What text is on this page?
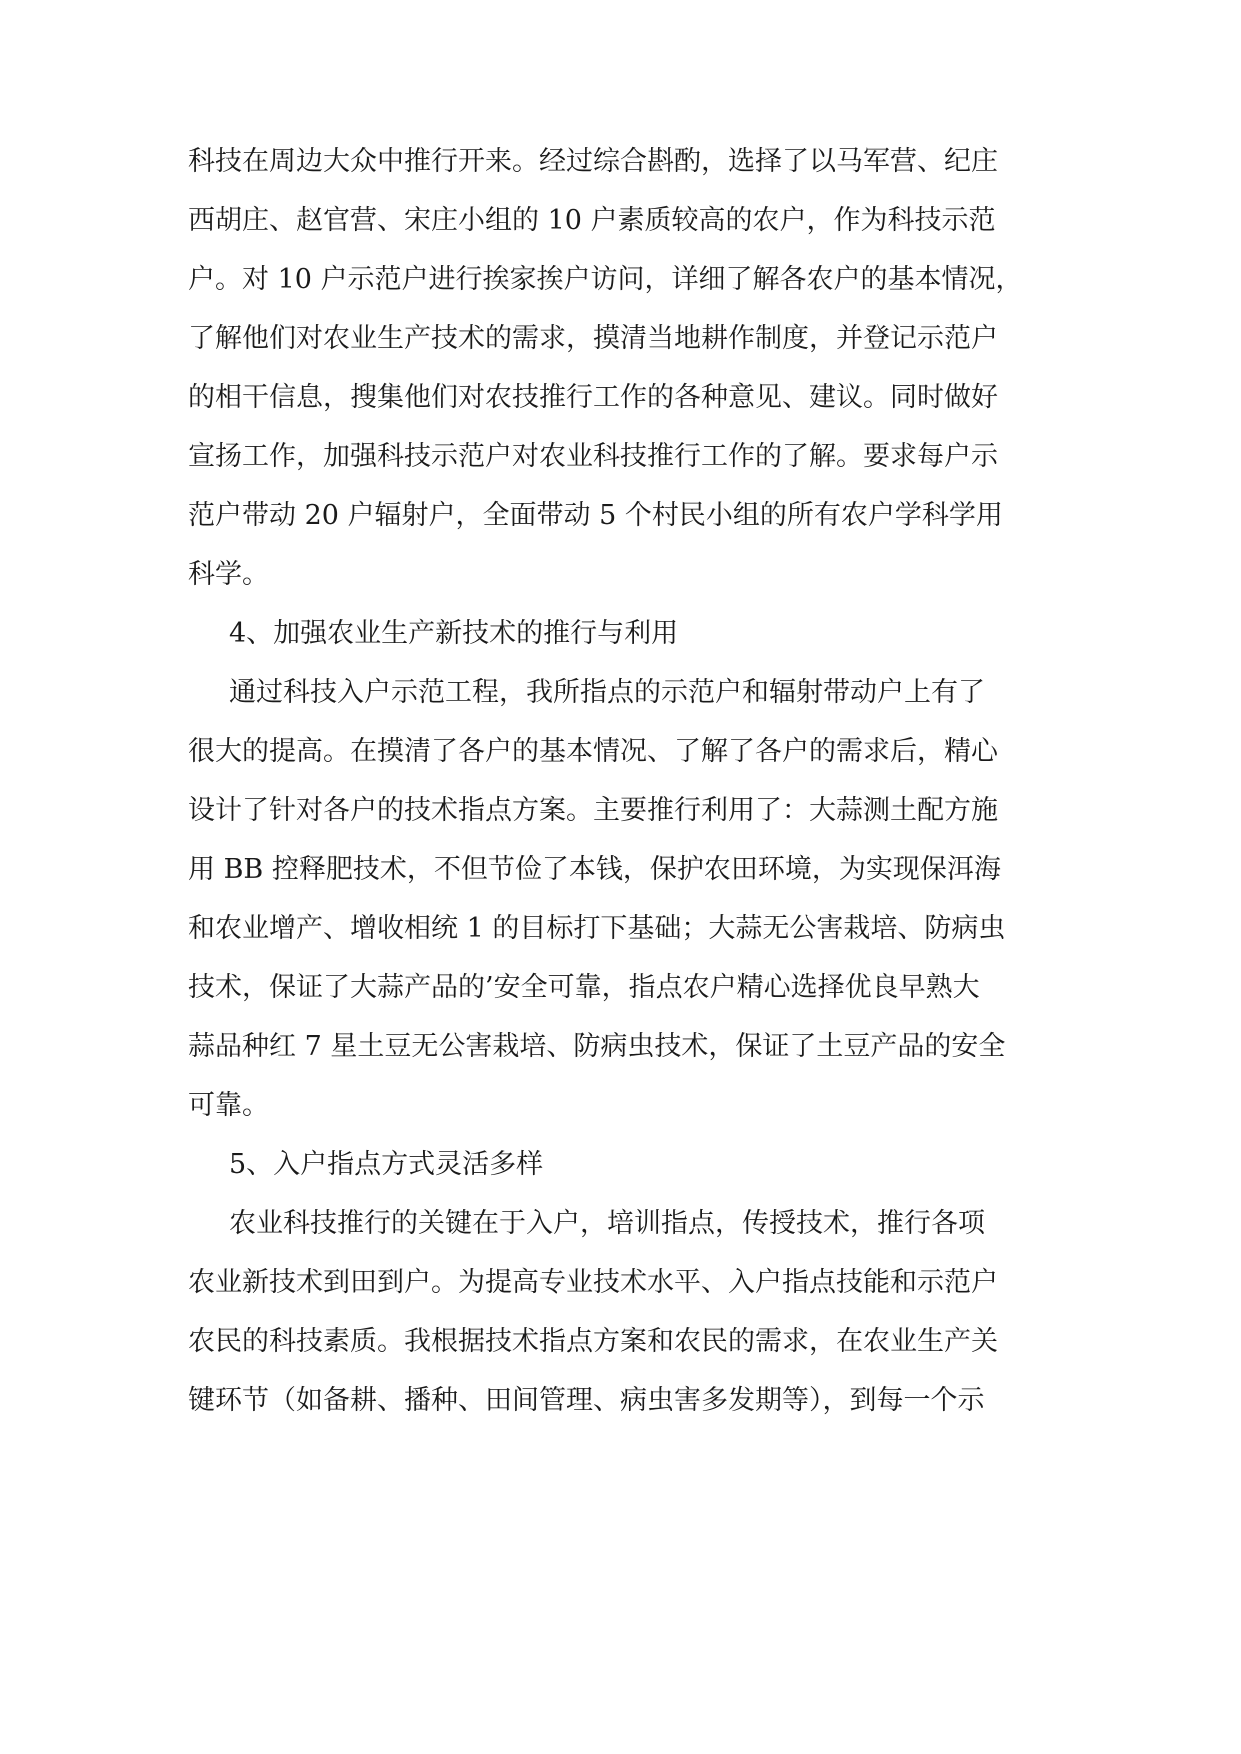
科技在周边大众中推行开来。经过综合斟酌，选择了以马军营、纪庄
西胡庄、赵官营、宋庄小组的 10 户素质较高的农户，作为科技示范
户。对 10 户示范户进行挨家挨户访问，详细了解各农户的基本情况，
了解他们对农业生产技术的需求，摸清当地耕作制度，并登记示范户
的相干信息，搜集他们对农技推行工作的各种意见、建议。同时做好
宣扬工作，加强科技示范户对农业科技推行工作的了解。要求每户示
范户带动 20 户辐射户，全面带动 5 个村民小组的所有农户学科学用
科学。
4、加强农业生产新技术的推行与利用
通过科技入户示范工程，我所指点的示范户和辐射带动户上有了
很大的提高。在摸清了各户的基本情况、了解了各户的需求后，精心
设计了针对各户的技术指点方案。主要推行利用了：大蒜测土配方施
用 BB 控释肥技术，不但节俭了本钱，保护农田环境，为实现保洱海
和农业增产、增收相统 1 的目标打下基础；大蒜无公害栽培、防病虫
技术，保证了大蒜产品的’安全可靠，指点农户精心选择优良早熟大
蒜品种红 7 星土豆无公害栽培、防病虫技术，保证了土豆产品的安全
可靠。
5、入户指点方式灵活多样
农业科技推行的关键在于入户，培训指点，传授技术，推行各项
农业新技术到田到户。为提高专业技术水平、入户指点技能和示范户
农民的科技素质。我根据技术指点方案和农民的需求，在农业生产关
键环节（如备耕、播种、田间管理、病虫害多发期等），到每一个示
